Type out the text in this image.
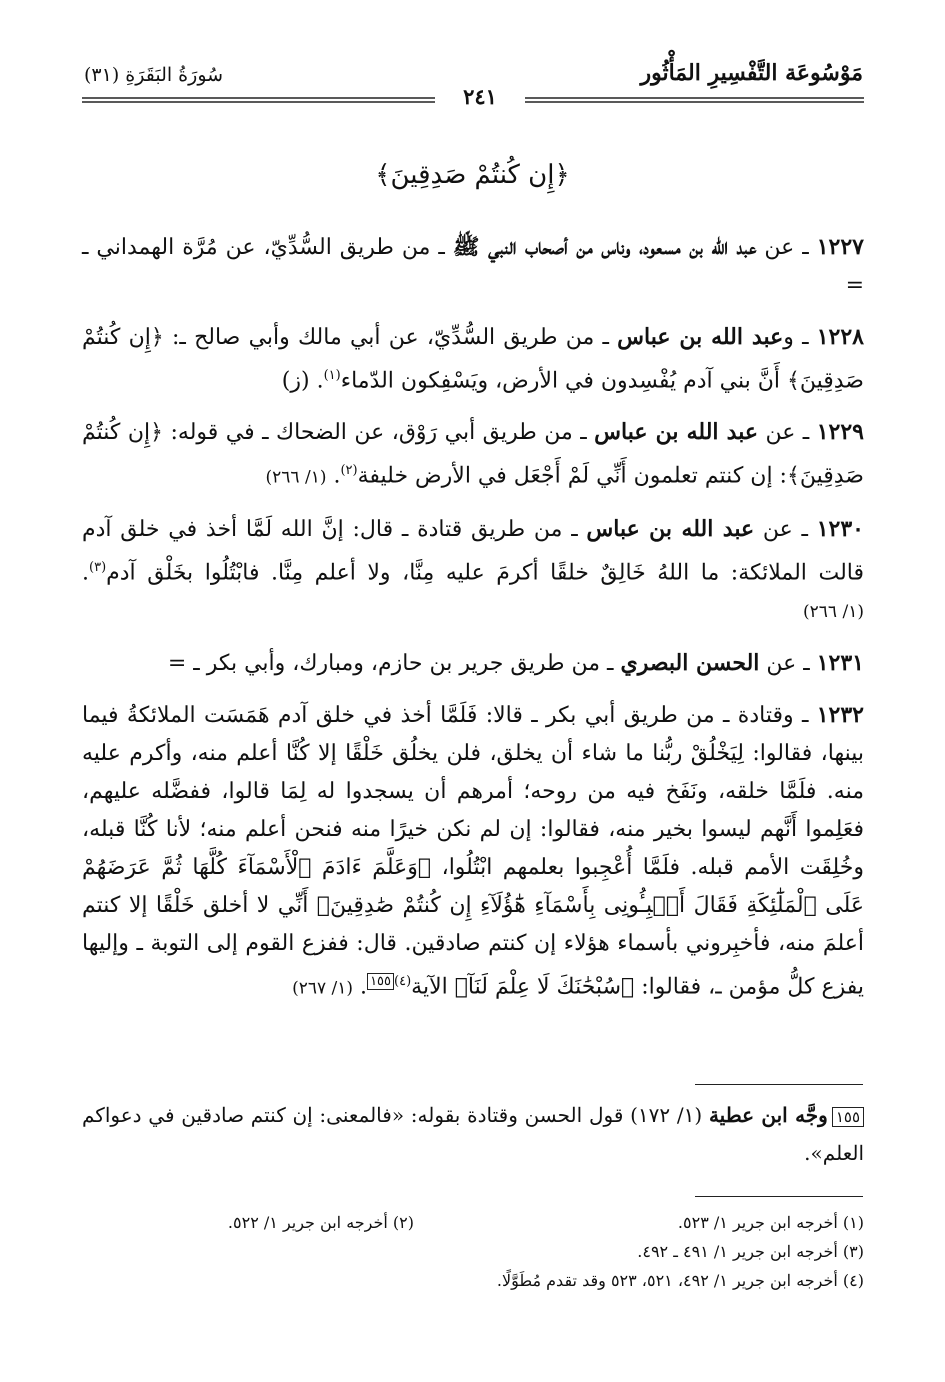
مَوْسُوعَة التَّفْسِيرِ المَأْثُور
سُورَةُ البَقَرَةِ (٣١)
٢٤١
﴿إِن كُنتُمْ صَدِقِينَ﴾

١٢٢٧ ـ عن عبد الله بن مسعود، وناس من أصحاب النبي ﷺ ـ من طريق السُّدِّيّ، عن مُرَّة الهمداني ـ =

١٢٢٨ ـ وعبد الله بن عباس ـ من طريق السُّدِّيّ، عن أبي مالك وأبي صالح ـ: ﴿إِن كُنتُمْ صَدِقِينَ﴾ أَنَّ بني آدم يُفْسِدون في الأرض، ويَسْفِكون الدّماء$^{(١)}$. (ز)

١٢٢٩ ـ عن عبد الله بن عباس ـ من طريق أبي رَوْق، عن الضحاك ـ في قوله: ﴿إِن كُنتُمْ صَدِقِينَ﴾: إن كنتم تعلمون أَنِّي لَمْ أَجْعَل في الأرض خليفة$^{(٢)}$. (١/ ٢٦٦)

١٢٣٠ ـ عن عبد الله بن عباس ـ من طريق قتادة ـ قال: إنَّ الله لَمَّا أخذ في خلق آدم قالت الملائكة: ما اللهُ خَالِقٌ خلقًا أكرمَ عليه مِنَّا، ولا أعلم مِنَّا. فابْتُلُوا بخَلْق آدم$^{(٣)}$. (١/ ٢٦٦)

١٢٣١ ـ عن الحسن البصري ـ من طريق جرير بن حازم، ومبارك، وأبي بكر ـ =

١٢٣٢ ـ وقتادة ـ من طريق أبي بكر ـ قالا: فَلَمَّا أخذ في خلق آدم هَمَسَت الملائكةُ فيما بينها، فقالوا: لِيَخْلُقْ ربُّنا ما شاء أن يخلق، فلن يخلُق خَلْقًا إلا كُنَّا أعلم منه، وأكرم عليه منه. فلَمَّا خلقه، ونَفَخ فيه من روحه؛ أمرهم أن يسجدوا له لِمَا قالوا، ففضَّله عليهم، فعَلِموا أَنَّهم ليسوا بخير منه، فقالوا: إن لم نكن خيرًا منه فنحن أعلم منه؛ لأنا كُنَّا قبله، وخُلِقَت الأمم قبله. فلَمَّا أُعْجِبوا بعلمهم ابْتُلُوا، ﴿وَعَلَّمَ ءَادَمَ ٱلْأَسْمَآءَ كُلَّهَا ثُمَّ عَرَضَهُمْ عَلَى ٱلْمَلَٰٓئِكَةِ فَقَالَ أَنۢبِـُٔونِى بِأَسْمَآءِ هَٰٓؤُلَآءِ إِن كُنتُمْ صَٰدِقِينَ﴾ أَنِّي لا أخلق خَلْقًا إلا كنتم أعلمَ منه، فأخبِروني بأسماء هؤلاء إن كنتم صادقين. قال: ففزع القوم إلى التوبة ـ وإليها يفزع كلُّ مؤمن ـ، فقالوا: ﴿سُبْحَٰنَكَ لَا عِلْمَ لَنَآ﴾ الآية$^{(٤)}$١٥٥. (١/ ٢٦٧)

١٥٥وجَّه ابن عطية (١/ ١٧٢) قول الحسن وقتادة بقوله: «فالمعنى: إن كنتم صادقين في دعواكم العلم».
(١) أخرجه ابن جرير ١/ ٥٢٣.
(٢) أخرجه ابن جرير ١/ ٥٢٢.
(٣) أخرجه ابن جرير ١/ ٤٩١ ـ ٤٩٢.
(٤) أخرجه ابن جرير ١/ ٤٩٢، ٥٢١، ٥٢٣ وقد تقدم مُطَوَّلًا.
